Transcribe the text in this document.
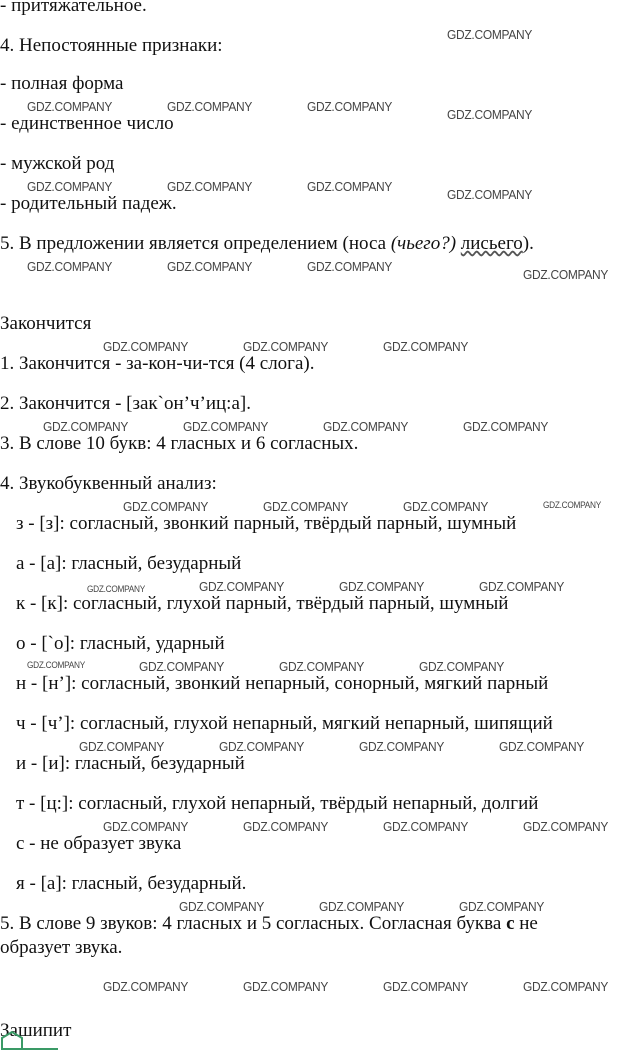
- притяжательное.
4. Непостоянные признаки:
- полная форма
- единственное число
- мужской род
- родительный падеж.
5. В предложении является определением (носа (чьего?) лисьего).
Закончится
1. Закончится - за-кон-чи-тся (4 слога).
2. Закончится - [зак`он’ч’иц:а].
3. В слове 10 букв: 4 гласных и 6 согласных.
4. Звукобуквенный анализ:
з - [з]: согласный, звонкий парный, твёрдый парный, шумный
а - [а]: гласный, безударный
к - [к]: согласный, глухой парный, твёрдый парный, шумный
о - [`о]: гласный, ударный
н - [н’]: согласный, звонкий непарный, сонорный, мягкий парный
ч - [ч’]: согласный, глухой непарный, мягкий непарный, шипящий
и - [и]: гласный, безударный
т - [ц:]: согласный, глухой непарный, твёрдый непарный, долгий
с - не образует звука
я - [а]: гласный, безударный.
5. В слове 9 звуков: 4 гласных и 5 согласных. Согласная буква с не
образует звука.
Зашипит
GDZ.COMPANY
GDZ.COMPANY	GDZ.COMPANY	GDZ.COMPANY
GDZ.COMPANY
GDZ.COMPANY	GDZ.COMPANY	GDZ.COMPANY
GDZ.COMPANY
GDZ.COMPANY	GDZ.COMPANY	GDZ.COMPANY
GDZ.COMPANY
GDZ.COMPANY	GDZ.COMPANY	GDZ.COMPANY
GDZ.COMPANY	GDZ.COMPANY	GDZ.COMPANY	GDZ.COMPANY
GDZ.COMPANY	GDZ.COMPANY	GDZ.COMPANY	GDZ.COMPANY
GDZ.COMPANY	GDZ.COMPANY	GDZ.COMPANY	GDZ.COMPANY
GDZ.COMPANY	GDZ.COMPANY	GDZ.COMPANY	GDZ.COMPANY
GDZ.COMPANY	GDZ.COMPANY	GDZ.COMPANY	GDZ.COMPANY
GDZ.COMPANY	GDZ.COMPANY	GDZ.COMPANY	GDZ.COMPANY
GDZ.COMPANY	GDZ.COMPANY	GDZ.COMPANY
GDZ.COMPANY	GDZ.COMPANY	GDZ.COMPANY	GDZ.COMPANY
